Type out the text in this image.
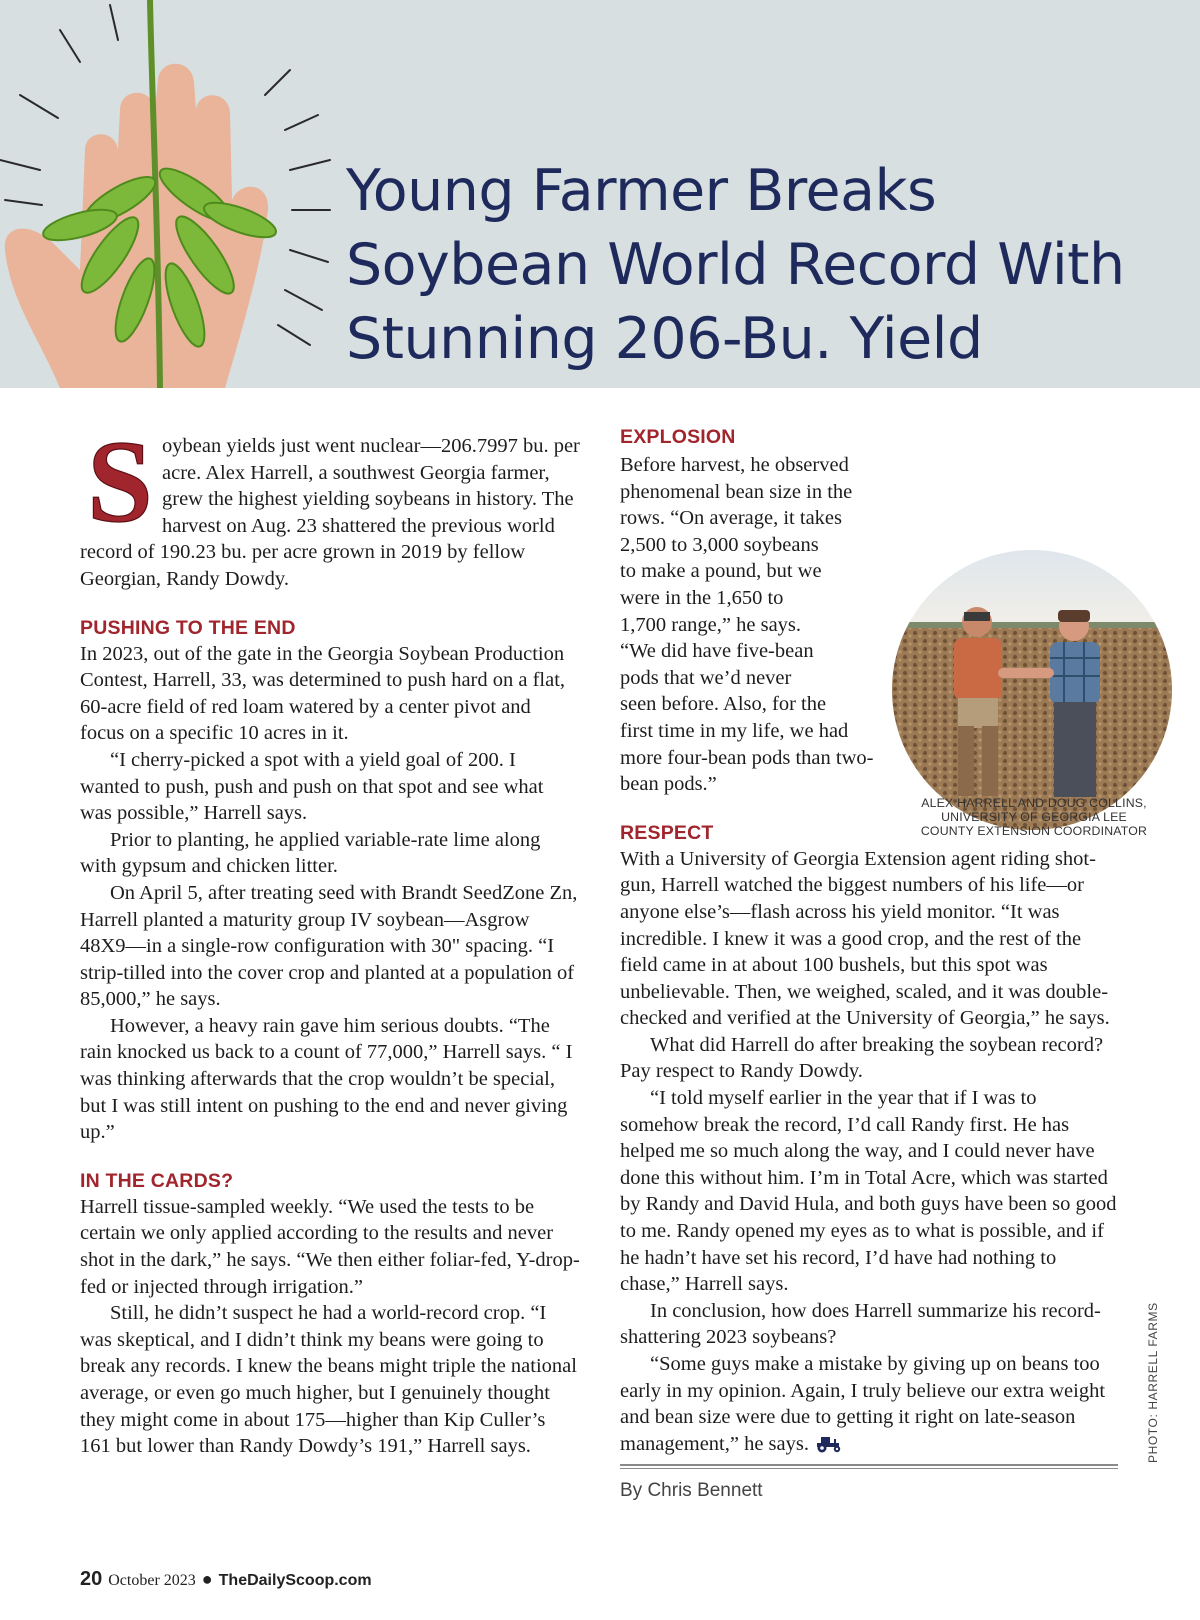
Young Farmer Breaks
Soybean World Record With
Stunning 206-Bu. Yield
S oybean yields just went nuclear—206.7997 bu. per acre. Alex Harrell, a southwest Georgia farmer, grew the highest yielding soybeans in history. The harvest on Aug. 23 shattered the previous world record of 190.23 bu. per acre grown in 2019 by fellow Georgian, Randy Dowdy.

PUSHING TO THE END

In 2023, out of the gate in the Georgia Soybean Production Contest, Harrell, 33, was determined to push hard on a flat, 60-acre field of red loam watered by a center pivot and focus on a specific 10 acres in it.

“I cherry-picked a spot with a yield goal of 200. I wanted to push, push and push on that spot and see what was possible,” Harrell says.

Prior to planting, he applied variable-rate lime along with gypsum and chicken litter.

On April 5, after treating seed with Brandt SeedZone Zn, Harrell planted a maturity group IV soybean—Asgrow 48X9—in a single-row configuration with 30" spacing. “I strip-tilled into the cover crop and planted at a population of 85,000,” he says.

However, a heavy rain gave him serious doubts. “The rain knocked us back to a count of 77,000,” Harrell says. “ I was thinking afterwards that the crop wouldn’t be special, but I was still intent on pushing to the end and never giving up.”

IN THE CARDS?

Harrell tissue-sampled weekly. “We used the tests to be certain we only applied according to the results and never shot in the dark,” he says. “We then either foliar-fed, Y-drop-fed or injected through irrigation.”

Still, he didn’t suspect he had a world-record crop. “I was skeptical, and I didn’t think my beans were going to break any records. I knew the beans might triple the national average, or even go much higher, but I genuinely thought they might come in about 175—higher than Kip Culler’s 161 but lower than Randy Dowdy’s 191,” Harrell says.

EXPLOSION

Before harvest, he observed phenomenal bean size in the rows. “On average, it takes 2,500 to 3,000 soybeans to make a pound, but we were in the 1,650 to 1,700 range,” he says. “We did have five-bean pods that we’d never seen before. Also, for the first time in my life, we had more four-bean pods than two-bean pods.”

RESPECT

With a University of Georgia Extension agent riding shotgun, Harrell watched the biggest numbers of his life—or anyone else’s—flash across his yield monitor. “It was incredible. I knew it was a good crop, and the rest of the field came in at about 100 bushels, but this spot was unbelievable. Then, we weighed, scaled, and it was double-checked and verified at the University of Georgia,” he says.

What did Harrell do after breaking the soybean record? Pay respect to Randy Dowdy.

“I told myself earlier in the year that if I was to somehow break the record, I’d call Randy first. He has helped me so much along the way, and I could never have done this without him. I’m in Total Acre, which was started by Randy and David Hula, and both guys have been so good to me. Randy opened my eyes as to what is possible, and if he hadn’t have set his record, I’d have had nothing to chase,” Harrell says.

In conclusion, how does Harrell summarize his record-shattering 2023 soybeans?

“Some guys make a mistake by giving up on beans too early in my opinion. Again, I truly believe our extra weight and bean size were due to getting it right on late-season management,” he says.

ALEX HARRELL AND DOUG COLLINS,
UNIVERSITY OF GEORGIA LEE
COUNTY EXTENSION COORDINATOR
PHOTO: HARRELL FARMS
By Chris Bennett
20 October 2023 ● TheDailyScoop.com
